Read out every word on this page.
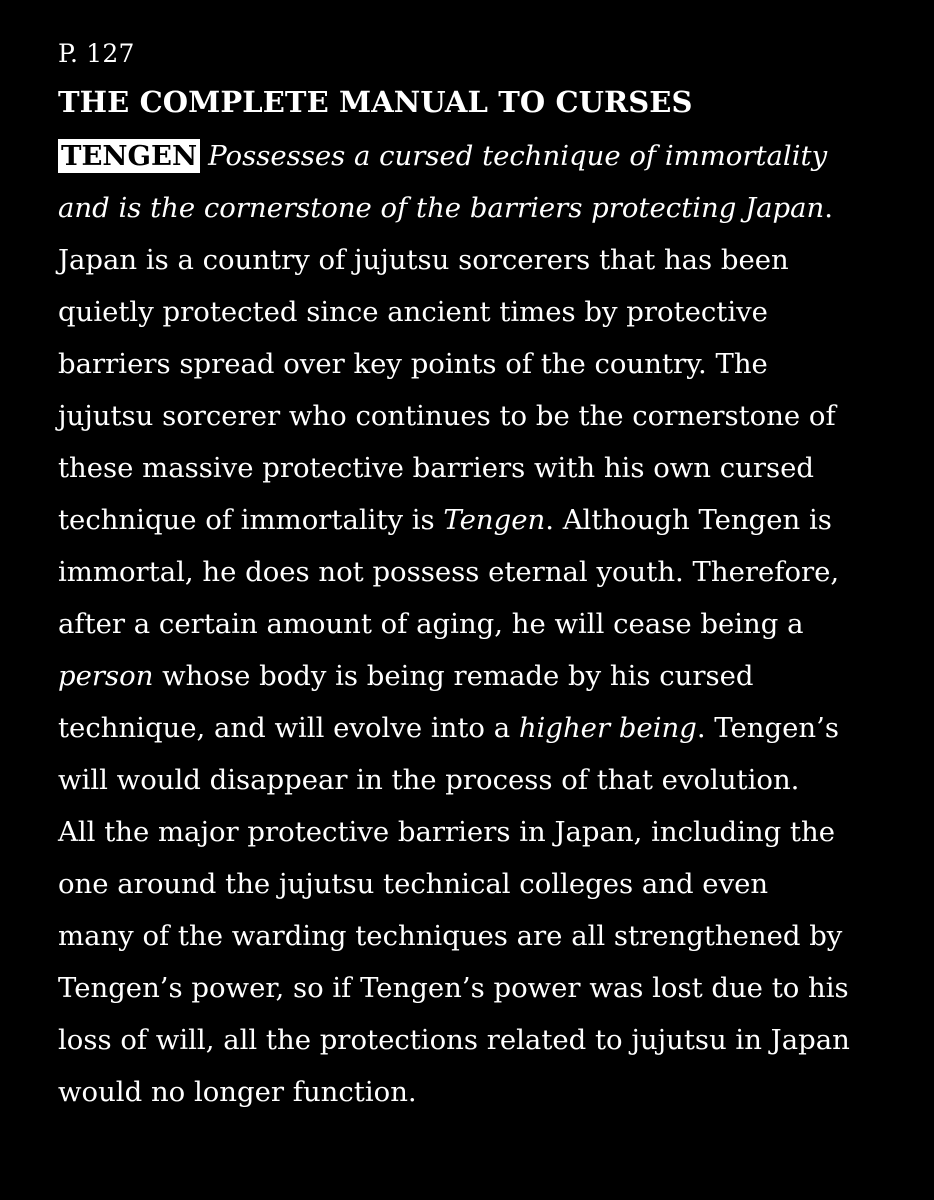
P. 127
THE COMPLETE MANUAL TO CURSES
TENGEN Possesses a cursed technique of immortality
and is the cornerstone of the barriers protecting Japan.
Japan is a country of jujutsu sorcerers that has been
quietly protected since ancient times by protective
barriers spread over key points of the country. The
jujutsu sorcerer who continues to be the cornerstone of
these massive protective barriers with his own cursed
technique of immortality is Tengen. Although Tengen is
immortal, he does not possess eternal youth. Therefore,
after a certain amount of aging, he will cease being a
person whose body is being remade by his cursed
technique, and will evolve into a higher being. Tengen’s
will would disappear in the process of that evolution.
All the major protective barriers in Japan, including the
one around the jujutsu technical colleges and even
many of the warding techniques are all strengthened by
Tengen’s power, so if Tengen’s power was lost due to his
loss of will, all the protections related to jujutsu in Japan
would no longer function.
